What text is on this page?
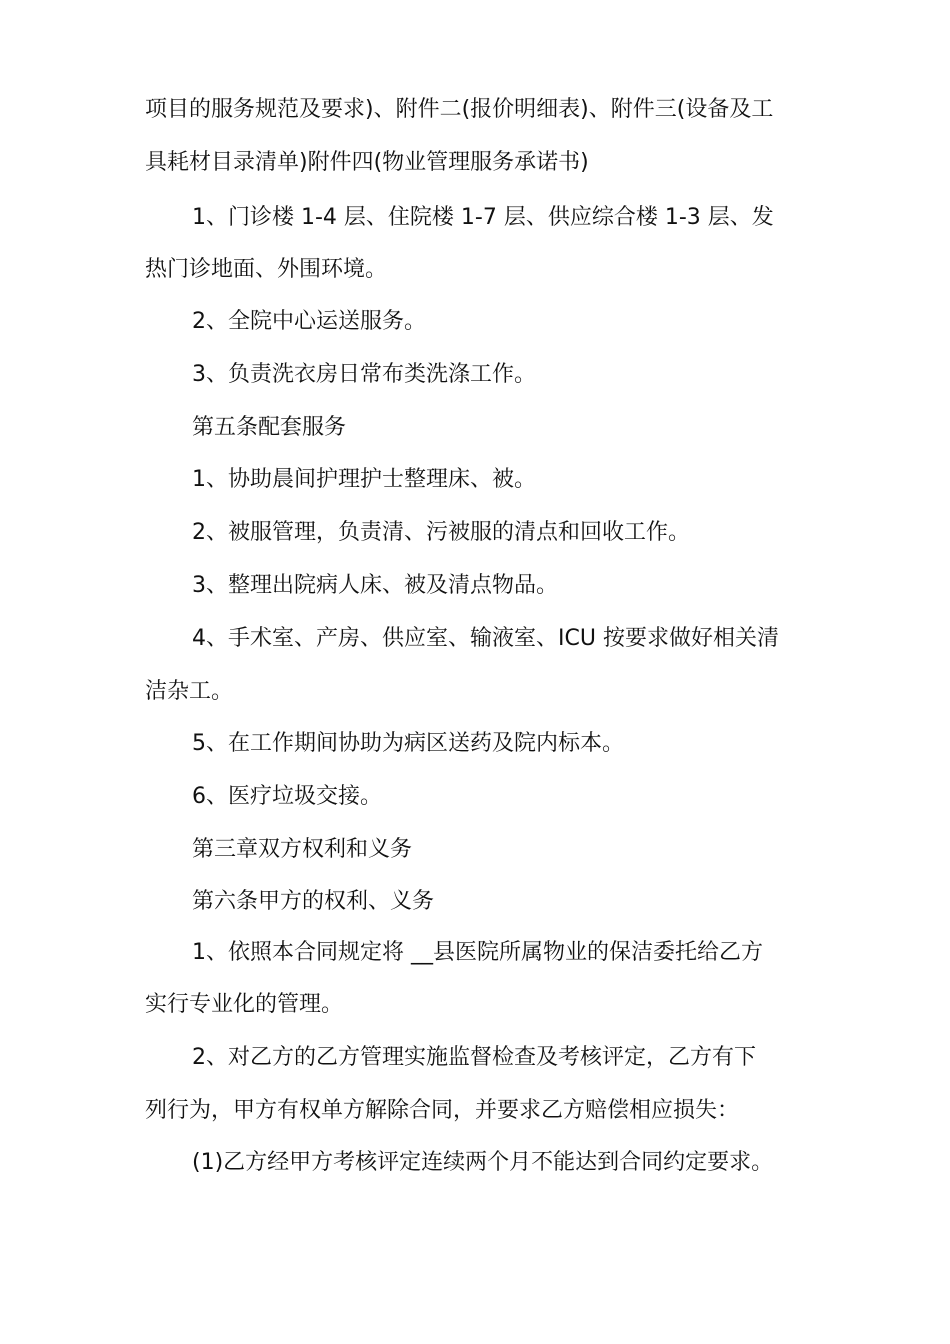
项目的服务规范及要求)、附件二(报价明细表)、附件三(设备及工
具耗材目录清单)附件四(物业管理服务承诺书)
1、门诊楼 1-4 层、住院楼 1-7 层、供应综合楼 1-3 层、发
热门诊地面、外围环境。
2、全院中心运送服务。
3、负责洗衣房日常布类洗涤工作。
第五条配套服务
1、协助晨间护理护士整理床、被。
2、被服管理，负责清、污被服的清点和回收工作。
3、整理出院病人床、被及清点物品。
4、手术室、产房、供应室、输液室、ICU 按要求做好相关清
洁杂工。
5、在工作期间协助为病区送药及院内标本。
6、医疗垃圾交接。
第三章双方权利和义务
第六条甲方的权利、义务
1、依照本合同规定将 __县医院所属物业的保洁委托给乙方
实行专业化的管理。
2、对乙方的乙方管理实施监督检查及考核评定，乙方有下
列行为，甲方有权单方解除合同，并要求乙方赔偿相应损失：
(1)乙方经甲方考核评定连续两个月不能达到合同约定要求。
